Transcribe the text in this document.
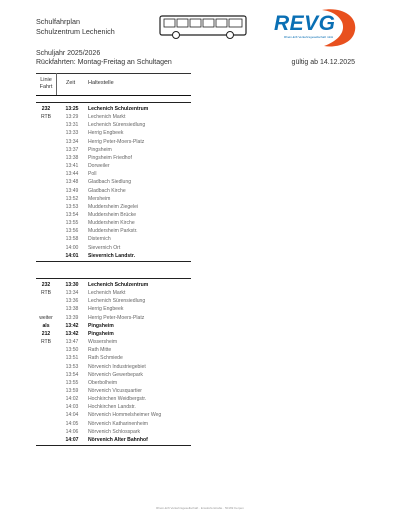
Schulfahrplan
Schulzentrum Lechenich	REVG
Rhein-Erft Verkehrsgesellschaft mbH
Schuljahr 2025/2026
Rückfahrten: Montag-Freitag an Schultagen	gültig ab 14.12.2025
Linie
Fahrt
Zeit Haltestelle
232	13:25 Lechenich Schulzentrum
RTB	13:29	Lechenich Markt
13:31	Lechenich Sürensiedlung
13:33	Herrig Engbeek
13:34	Herrig Peter-Moers-Platz
13:37	Pingsheim
13:38	Pingsheim Friedhof
13:41	Dorweiler
13:44	Poll
13:48	Gladbach Siedlung
13:49	Gladbach Kirche
13:52	Mersheim
13:53	Muddersheim Ziegelei
13:54	Muddersheim Brücke
13:55	Muddersheim Kirche
13:56	Muddersheim Parkstr.
13:58	Disternich
14:00	Sievernich Ort
14:01 Sievernich Landstr.
232	13:30 Lechenich Schulzentrum
RTB	13:34	Lechenich Markt
13:36	Lechenich Sürensiedlung
13:38	Herrig Engbeek
weiter	13:39	Herrig Peter-Moers-Platz
als	13:42 Pingsheim
212	13:42 Pingsheim
RTB	13:47	Wissersheim
13:50	Rath Mitte
13:51	Rath Schmiede
13:53	Nörvenich Industriegebiet
13:54	Nörvenich Gewerbepark
13:55	Oberbolheim
13:59	Nörvenich Vicusquartier
14:02	Hochkirchen Weidbergstr.
14:03	Hochkirchen Landstr.
14:04	Nörvenich Hommelsheimer Weg
14:05	Nörvenich Katharinenheim
14:06	Nörvenich Schlosspark
14:07 Nörvenich Alter Bahnhof
Rhein-Erft Verkehrsgesellschaft · Ensdorferstraße · 50169 Kerpen
